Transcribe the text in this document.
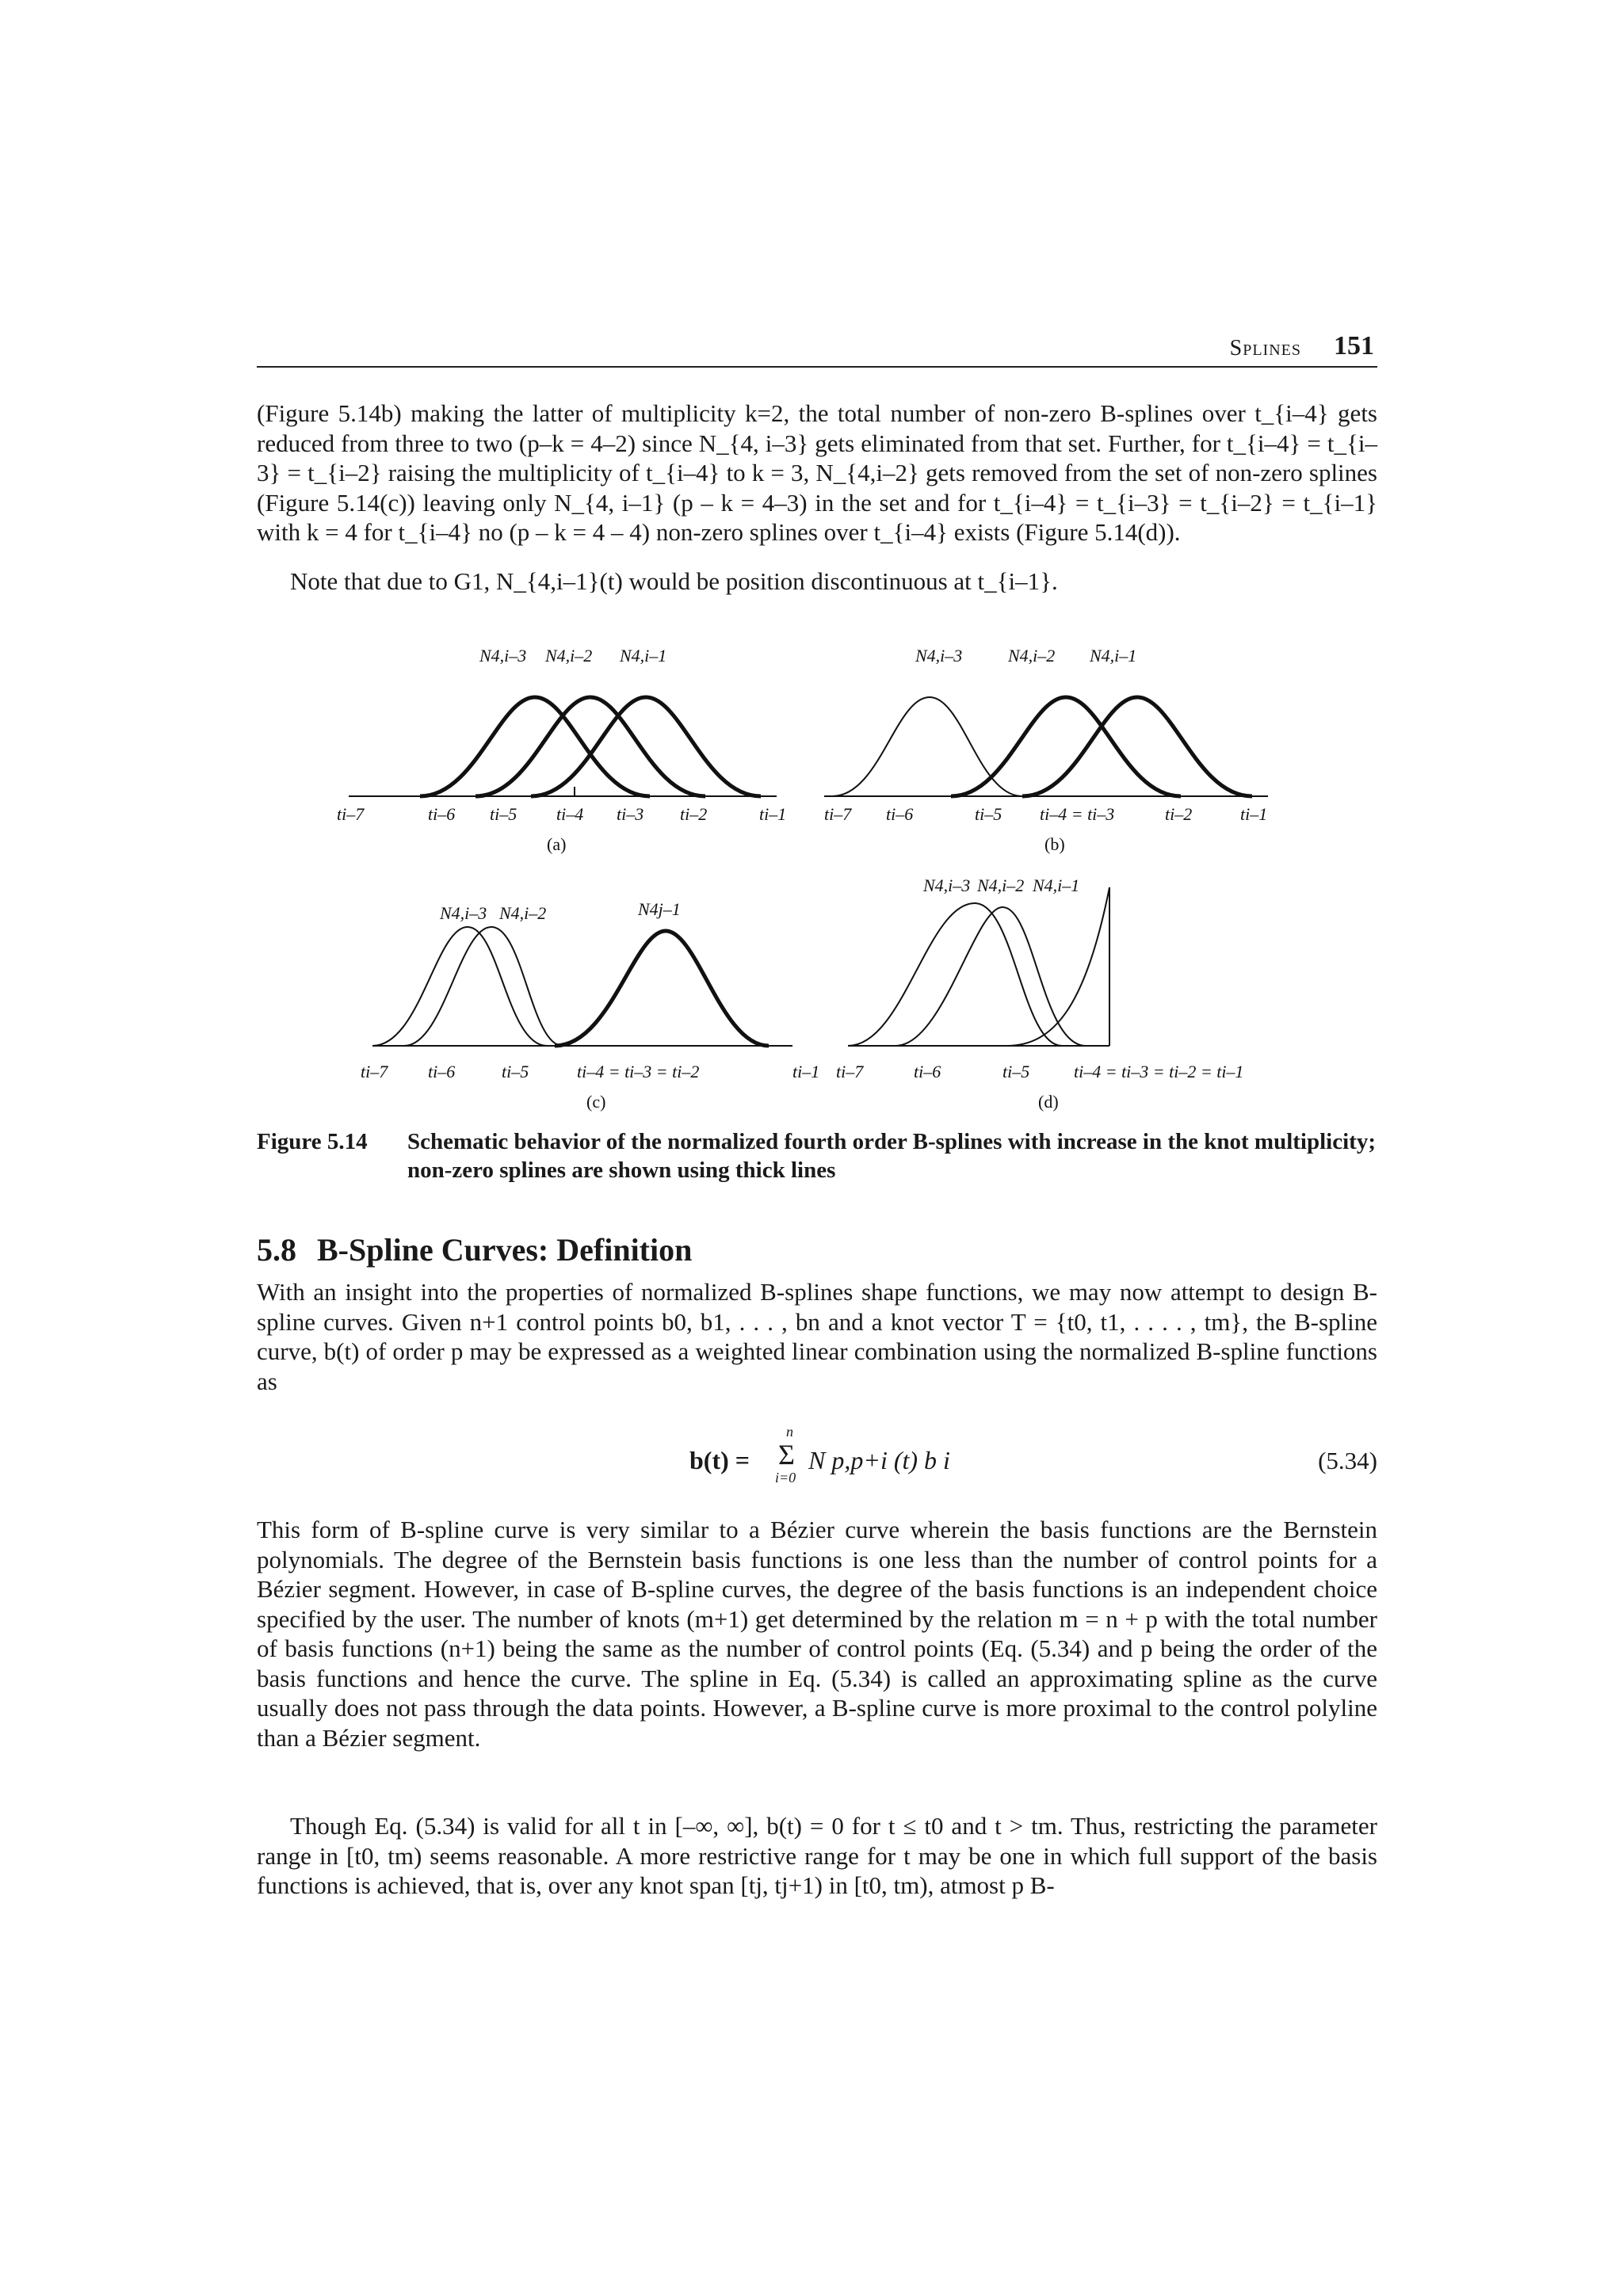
Splines 151

(Figure 5.14b) making the latter of multiplicity k=2, the total number of non-zero B-splines over t_{i–4} gets reduced from three to two (p–k = 4–2) since N_{4, i–3} gets eliminated from that set. Further, for t_{i–4} = t_{i–3} = t_{i–2} raising the multiplicity of t_{i–4} to k = 3, N_{4,i–2} gets removed from the set of non-zero splines (Figure 5.14(c)) leaving only N_{4, i–1} (p – k = 4–3) in the set and for t_{i–4} = t_{i–3} = t_{i–2} = t_{i–1} with k = 4 for t_{i–4} no (p – k = 4 – 4) non-zero splines over t_{i–4} exists (Figure 5.14(d)).

Note that due to G1, N_{4,i–1}(t) would be position discontinuous at t_{i–1}.

N4,i–3 N4,i–2 N4,i–1
ti–7	ti–6 ti–5 ti–4 ti–3 ti–2	ti–1
(a)
N4,i–3	N4,i–2 N4,i–1
ti–7 ti–6	ti–5 ti–4 = ti–3	ti–2	ti–1
(b)
N4,i–3 N4,i–2	N4j–1
ti–7 ti–6	ti–5	ti–4 = ti–3 = ti–2	ti–1
(c)
N4,i–3 N4,i–2 N4,i–1
ti–7	ti–6	ti–5	ti–4 = ti–3 = ti–2 = ti–1
(d)
Figure 5.14	Schematic behavior of the normalized fourth order B-splines with increase in the knot multiplicity; non-zero splines are shown using thick lines
5.8 B-Spline Curves: Definition

With an insight into the properties of normalized B-splines shape functions, we may now attempt to design B-spline curves. Given n+1 control points b0, b1, . . . , bn and a knot vector T = {t0, t1, . . . . , tm}, the B-spline curve, b(t) of order p may be expressed as a weighted linear combination using the normalized B-spline functions as

b(t) =
n
Σ
i=0
N p,p+i (t) b i	(5.34)

This form of B-spline curve is very similar to a Bézier curve wherein the basis functions are the Bernstein polynomials. The degree of the Bernstein basis functions is one less than the number of control points for a Bézier segment. However, in case of B-spline curves, the degree of the basis functions is an independent choice specified by the user. The number of knots (m+1) get determined by the relation m = n + p with the total number of basis functions (n+1) being the same as the number of control points (Eq. (5.34) and p being the order of the basis functions and hence the curve. The spline in Eq. (5.34) is called an approximating spline as the curve usually does not pass through the data points. However, a B-spline curve is more proximal to the control polyline than a Bézier segment.

Though Eq. (5.34) is valid for all t in [–∞, ∞], b(t) = 0 for t ≤ t0 and t > tm. Thus, restricting the parameter range in [t0, tm) seems reasonable. A more restrictive range for t may be one in which full support of the basis functions is achieved, that is, over any knot span [tj, tj+1) in [t0, tm), atmost p B-
